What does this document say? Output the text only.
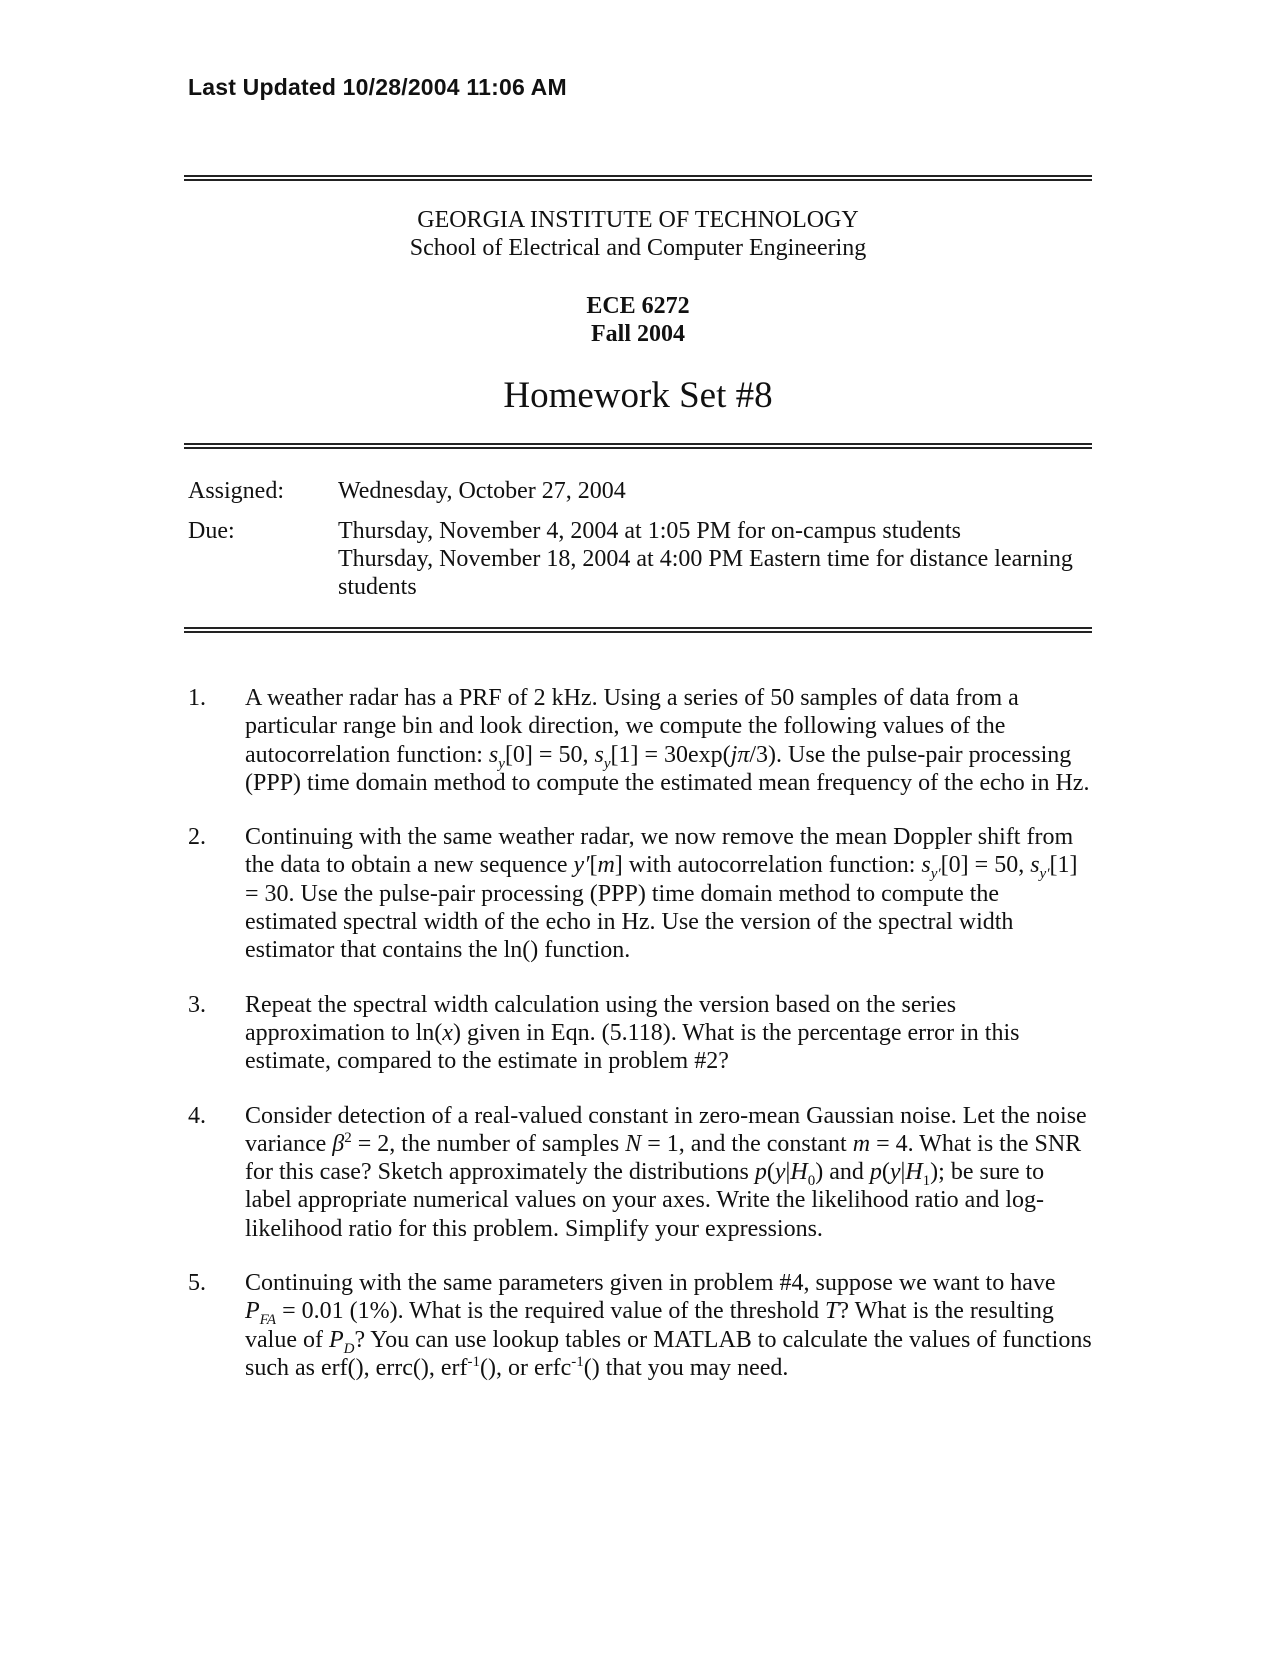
Last Updated 10/28/2004 11:06 AM
GEORGIA INSTITUTE OF TECHNOLOGY
School of Electrical and Computer Engineering
ECE 6272
Fall 2004
Homework Set #8
Assigned:	Wednesday, October 27, 2004
Due:	Thursday, November 4, 2004 at 1:05 PM for on-campus students
Thursday, November 18, 2004 at 4:00 PM Eastern time for distance learning students
1.	A weather radar has a PRF of 2 kHz. Using a series of 50 samples of data from a particular range bin and look direction, we compute the following values of the autocorrelation function: $s_y[0] = 50$, $s_y[1] = 30\exp(j\pi/3)$. Use the pulse-pair processing (PPP) time domain method to compute the estimated mean frequency of the echo in Hz.
2.	Continuing with the same weather radar, we now remove the mean Doppler shift from the data to obtain a new sequence y′[m] with autocorrelation function: $s_{y'}[0] = 50$, $s_{y'}[1] = 30$. Use the pulse-pair processing (PPP) time domain method to compute the estimated spectral width of the echo in Hz. Use the version of the spectral width estimator that contains the ln() function.
3.	Repeat the spectral width calculation using the version based on the series approximation to ln(x) given in Eqn. (5.118). What is the percentage error in this estimate, compared to the estimate in problem #2?
4.	Consider detection of a real-valued constant in zero-mean Gaussian noise. Let the noise variance $\beta^2 = 2$, the number of samples N = 1, and the constant m = 4. What is the SNR for this case? Sketch approximately the distributions $p(y|H_0)$ and $p(y|H_1)$; be sure to label appropriate numerical values on your axes. Write the likelihood ratio and log-likelihood ratio for this problem. Simplify your expressions.
5.	Continuing with the same parameters given in problem #4, suppose we want to have $P_{FA} = 0.01$ (1%). What is the required value of the threshold T? What is the resulting value of $P_D$? You can use lookup tables or MATLAB to calculate the values of functions such as erf(), errc(), erf$^{-1}$(), or erfc$^{-1}$() that you may need.
